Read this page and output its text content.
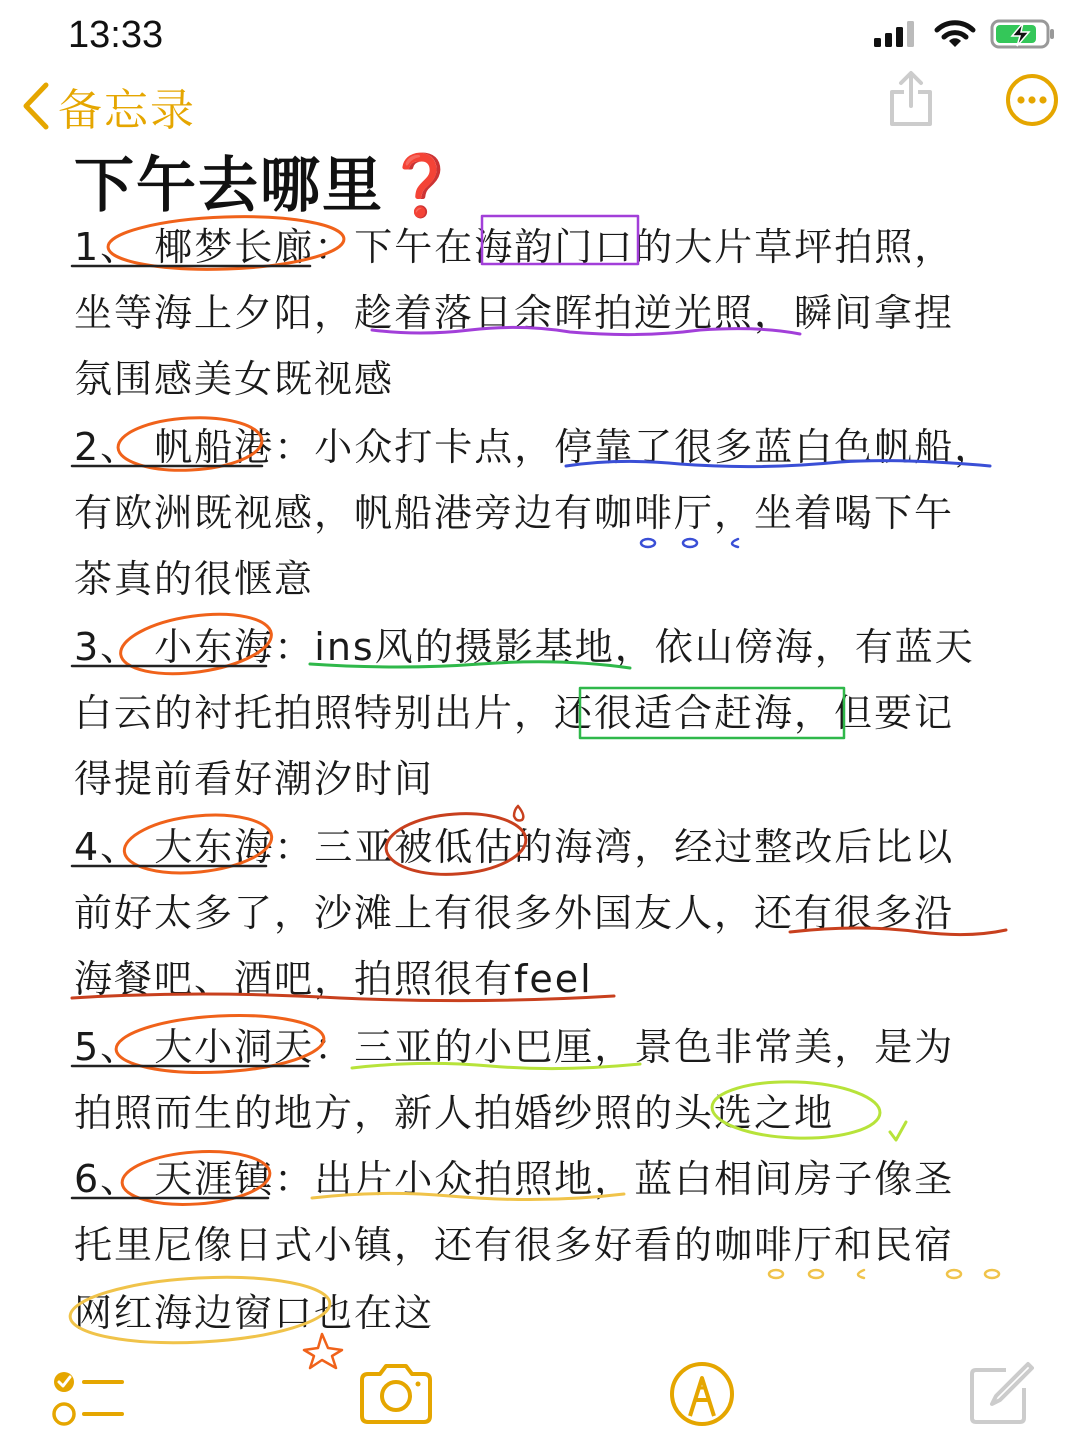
13:33
备忘录
下午去哪里❓
1、 椰梦长廊：下午在海韵门口的大片草坪拍照，
坐等海上夕阳，趁着落日余晖拍逆光照，瞬间拿捏
氛围感美女既视感
2、 帆船港：小众打卡点，停靠了很多蓝白色帆船，
有欧洲既视感，帆船港旁边有咖啡厅，坐着喝下午
茶真的很惬意
3、 小东海：ins风的摄影基地，依山傍海，有蓝天
白云的衬托拍照特别出片，还很适合赶海，但要记
得提前看好潮汐时间
4、 大东海：三亚被低估的海湾，经过整改后比以
前好太多了，沙滩上有很多外国友人，还有很多沿
海餐吧、酒吧，拍照很有feel
5、 大小洞天：三亚的小巴厘，景色非常美，是为
拍照而生的地方，新人拍婚纱照的头选之地
6、 天涯镇：出片小众拍照地，蓝白相间房子像圣
托里尼像日式小镇，还有很多好看的咖啡厅和民宿
网红海边窗口也在这
